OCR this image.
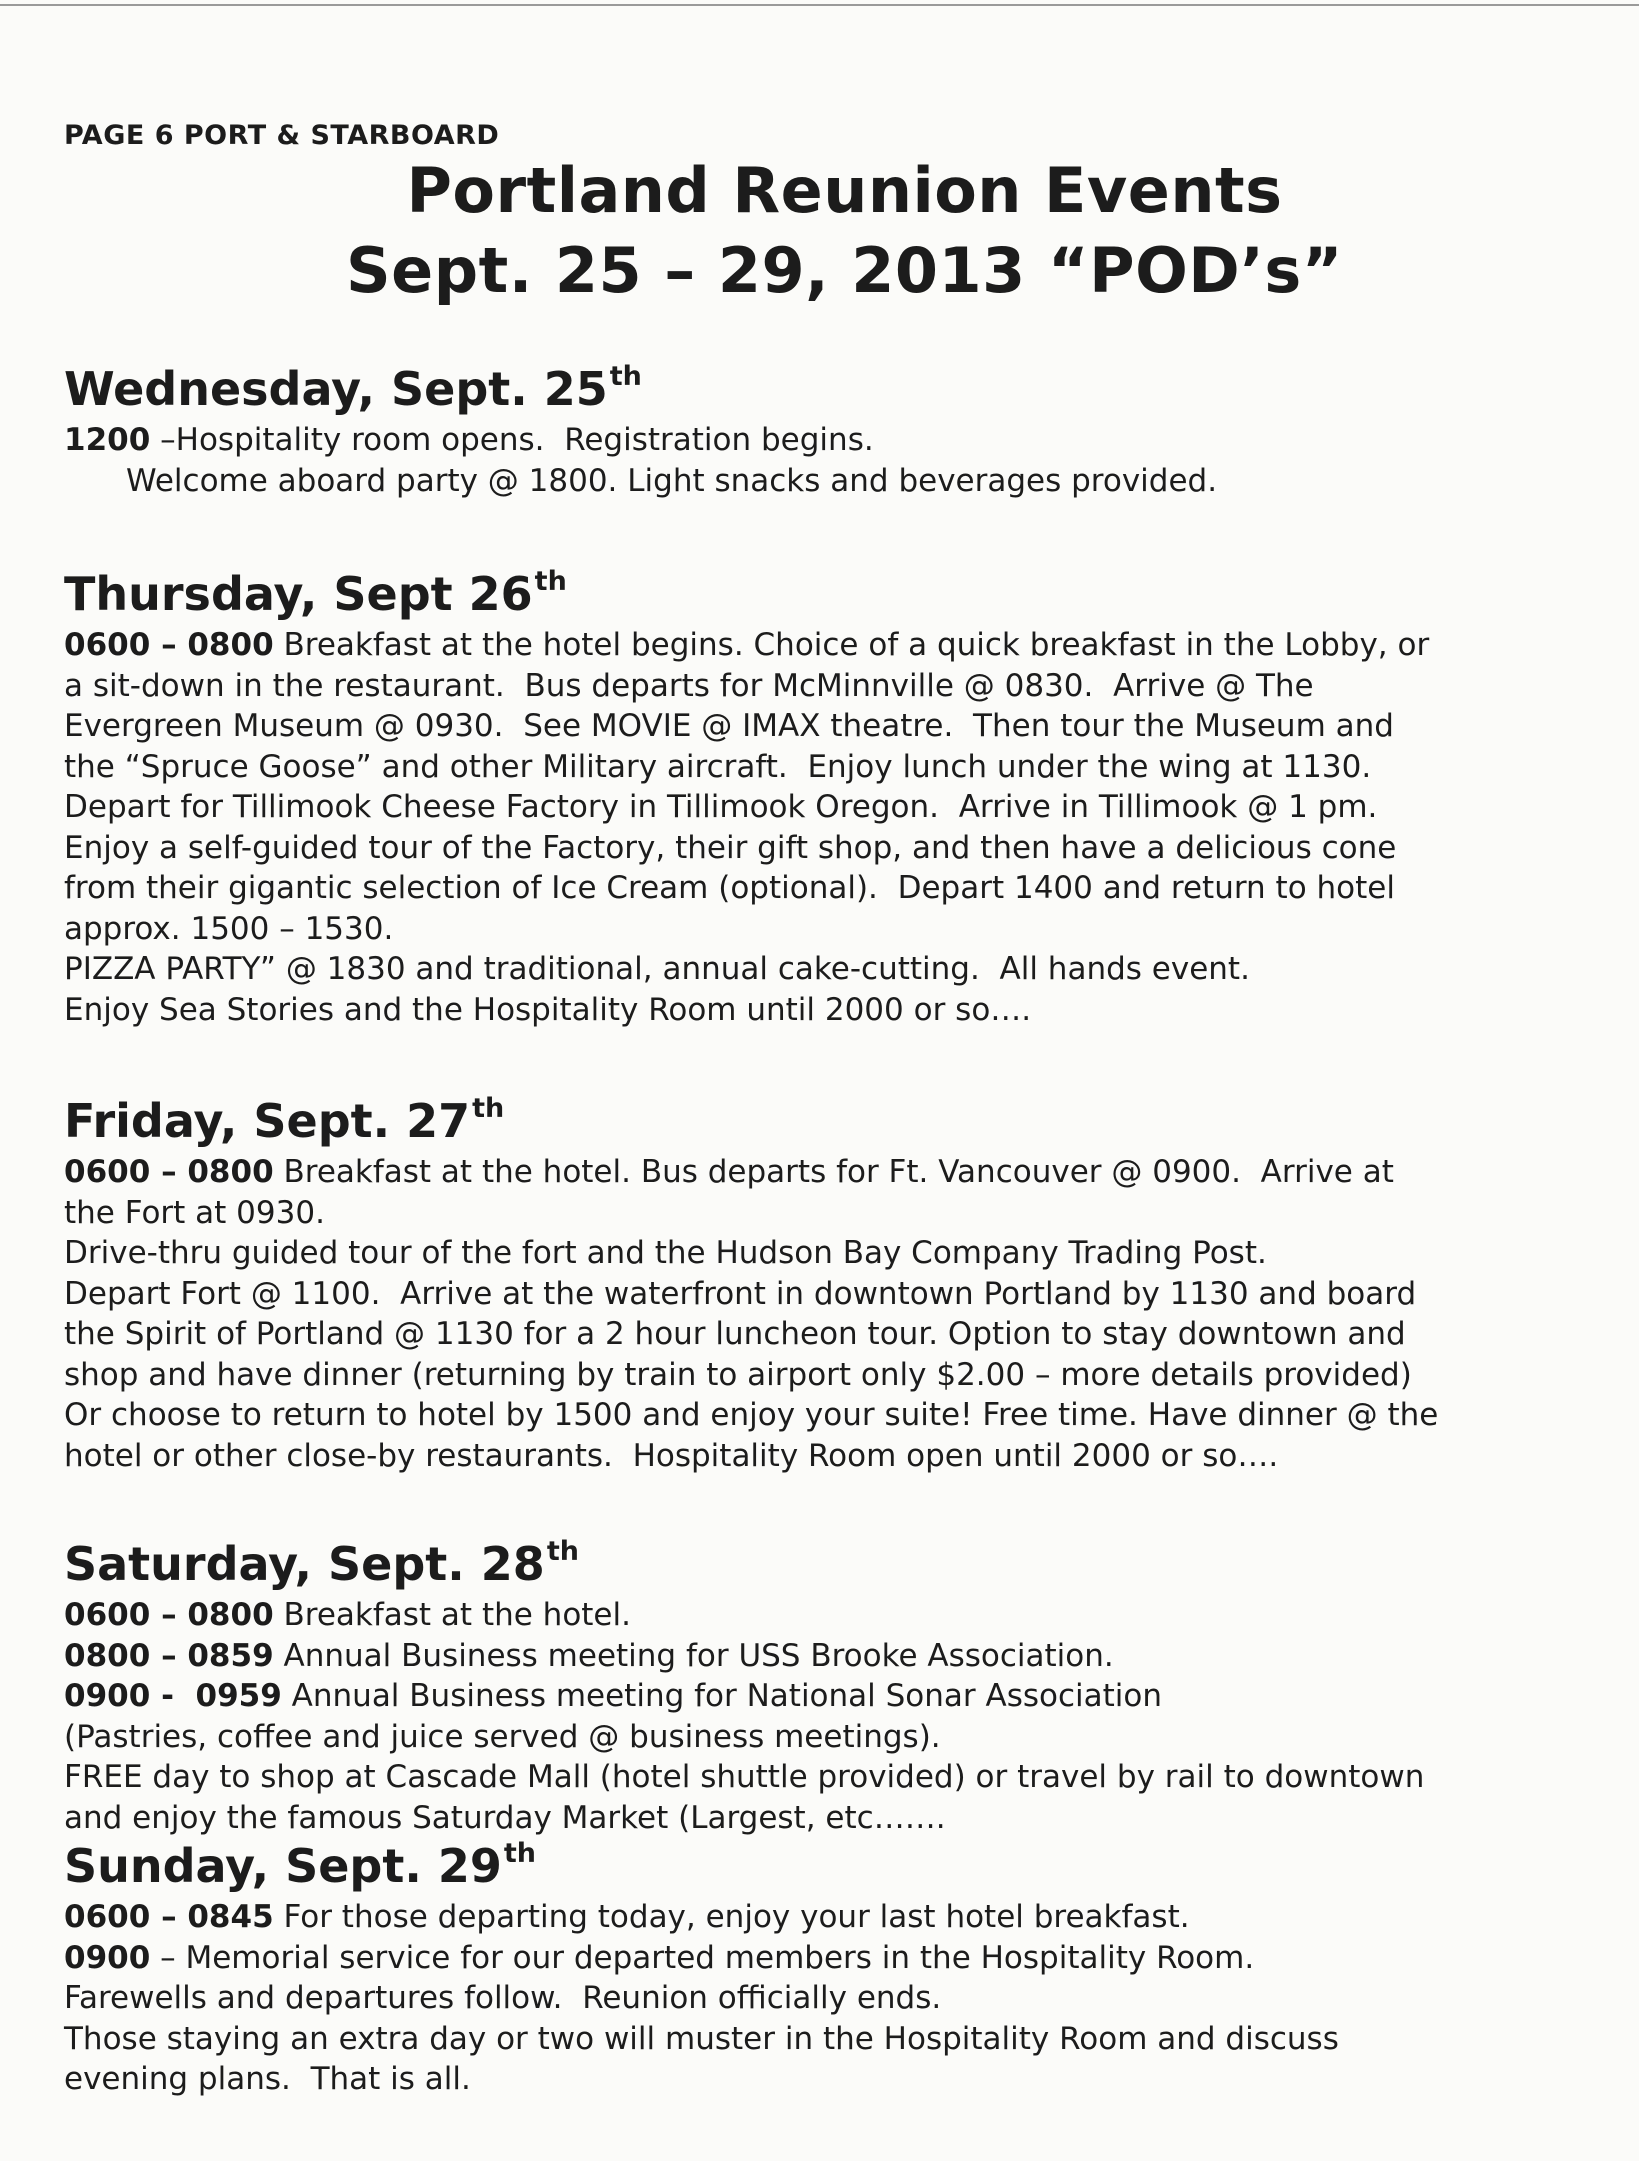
PAGE 6 PORT & STARBOARD
Portland Reunion Events
Sept. 25 – 29, 2013 “POD’s”
Wednesday, Sept. 25th

1200 –Hospitality room opens.  Registration begins.

Welcome aboard party @ 1800. Light snacks and beverages provided.

Thursday, Sept 26th

0600 – 0800 Breakfast at the hotel begins. Choice of a quick breakfast in the Lobby, or
a sit-down in the restaurant.  Bus departs for McMinnville @ 0830.  Arrive @ The
Evergreen Museum @ 0930.  See MOVIE @ IMAX theatre.  Then tour the Museum and
the “Spruce Goose” and other Military aircraft.  Enjoy lunch under the wing at 1130.
Depart for Tillimook Cheese Factory in Tillimook Oregon.  Arrive in Tillimook @ 1 pm.
Enjoy a self-guided tour of the Factory, their gift shop, and then have a delicious cone
from their gigantic selection of Ice Cream (optional).  Depart 1400 and return to hotel
approx. 1500 – 1530.
PIZZA PARTY” @ 1830 and traditional, annual cake-cutting.  All hands event.
Enjoy Sea Stories and the Hospitality Room until 2000 or so….

Friday, Sept. 27th

0600 – 0800 Breakfast at the hotel. Bus departs for Ft. Vancouver @ 0900.  Arrive at
the Fort at 0930.
Drive-thru guided tour of the fort and the Hudson Bay Company Trading Post.
Depart Fort @ 1100.  Arrive at the waterfront in downtown Portland by 1130 and board
the Spirit of Portland @ 1130 for a 2 hour luncheon tour. Option to stay downtown and
shop and have dinner (returning by train to airport only $2.00 – more details provided)
Or choose to return to hotel by 1500 and enjoy your suite! Free time. Have dinner @ the
hotel or other close-by restaurants.  Hospitality Room open until 2000 or so….

Saturday, Sept. 28th

0600 – 0800 Breakfast at the hotel.

0800 – 0859 Annual Business meeting for USS Brooke Association.

0900 -  0959 Annual Business meeting for National Sonar Association

(Pastries, coffee and juice served @ business meetings).
FREE day to shop at Cascade Mall (hotel shuttle provided) or travel by rail to downtown
and enjoy the famous Saturday Market (Largest, etc…….

Sunday, Sept. 29th

0600 – 0845 For those departing today, enjoy your last hotel breakfast.

0900 – Memorial service for our departed members in the Hospitality Room.

Farewells and departures follow.  Reunion officially ends.
Those staying an extra day or two will muster in the Hospitality Room and discuss
evening plans.  That is all.
